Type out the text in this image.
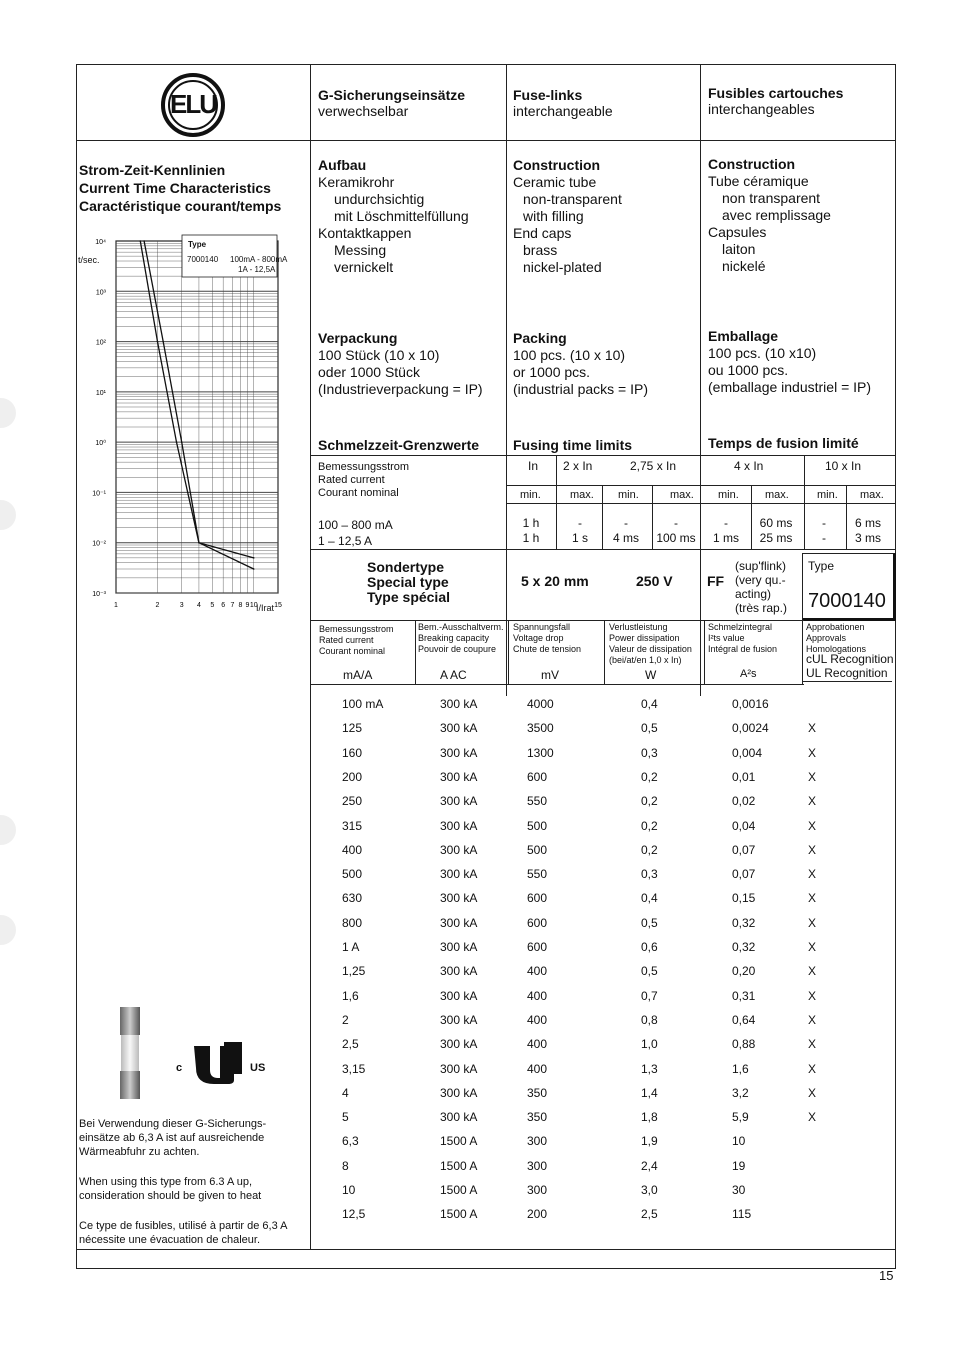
ELU	G-Sicherungseinsätze
verwechselbar
Fuse-links
interchangeable
Fusibles cartouches
interchangeables
Strom-Zeit-Kennlinien
Current Time Characteristics
Caractéristique courant/temps
10⁴
10³
10²
10¹
10⁰
10⁻¹
10⁻²
10⁻³
1	2	3 4 5 6 7 8 9 10 15
t/sec.
I/Irat
Type
7000140 100mA - 800mA
1A - 12,5A
Aufbau
Keramikrohr
undurchsichtig
mit Löschmittelfüllung
Kontaktkappen
Messing
vernickelt
Construction
Ceramic tube
non-transparent
with filling
End caps
brass
nickel-plated
Construction
Tube céramique
non transparent
avec remplissage
Capsules
laiton
nickelé
Verpackung
100 Stück (10 x 10)
oder 1000 Stück
(Industrieverpackung = IP)
Packing
100 pcs. (10 x 10)
or 1000 pcs.
(industrial packs = IP)
Emballage
100 pcs. (10 x10)
ou 1000 pcs.
(emballage industriel = IP)
Schmelzzeit-Grenzwerte Fusing time limits	Temps de fusion limité
Bemessungsstrom
Rated current
Courant nominal
In 2 x In	2,75 x In	4 x In	10 x In
min.	max. min.	max. min. max.	min. max.
100 – 800 mA
1 – 12,5 A
1 h	-	-	-	-	60 ms	-	6 ms
1 h	1 s	4 ms	100 ms	1 ms	25 ms	-	3 ms
Sondertype
Special type
Type spécial
5 x 20 mm	250 V FF
(sup'flink)
(very qu.-
acting)
(très rap.)
Type
7000140
Bemessungsstrom
Rated current
Courant nominal
Bem.-Ausschaltverm.
Breaking capacity
Pouvoir de coupure
Spannungsfall
Voltage drop
Chute de tension
Verlustleistung
Power dissipation
Valeur de dissipation
(bei/at/en 1,0 x In)
Schmelzintegral
I²ts value
Intégral de fusion
Approbationen
Approvals
Homologations
cUL Recognition
UL Recognition
mA/A	A AC	mV	W	A²s
100 mA	300 kA	4000	0,4	0,0016
125	300 kA	3500	0,5	0,0024	X
160	300 kA	1300	0,3	0,004	X
200	300 kA	600	0,2	0,01	X
250	300 kA	550	0,2	0,02	X
315	300 kA	500	0,2	0,04	X
400	300 kA	500	0,2	0,07	X
500	300 kA	550	0,3	0,07	X
630	300 kA	600	0,4	0,15	X
800	300 kA	600	0,5	0,32	X
1 A	300 kA	600	0,6	0,32	X
1,25	300 kA	400	0,5	0,20	X
1,6	300 kA	400	0,7	0,31	X
2	300 kA	400	0,8	0,64	X
2,5	300 kA	400	1,0	0,88	X
3,15	300 kA	400	1,3	1,6	X
4	300 kA	350	1,4	3,2	X
5	300 kA	350	1,8	5,9	X
6,3	1500 A	300	1,9	10
8	1500 A	300	2,4	19
10	1500 A	300	3,0	30
12,5	1500 A	200	2,5	115
c	US
Bei Verwendung dieser G-Sicherungs-einsätze ab 6,3 A ist auf ausreichende Wärmeabfuhr zu achten.
When using this type from 6.3 A up, consideration should be given to heat
Ce type de fusibles, utilisé à partir de 6,3 A nécessite une évacuation de chaleur.
15
